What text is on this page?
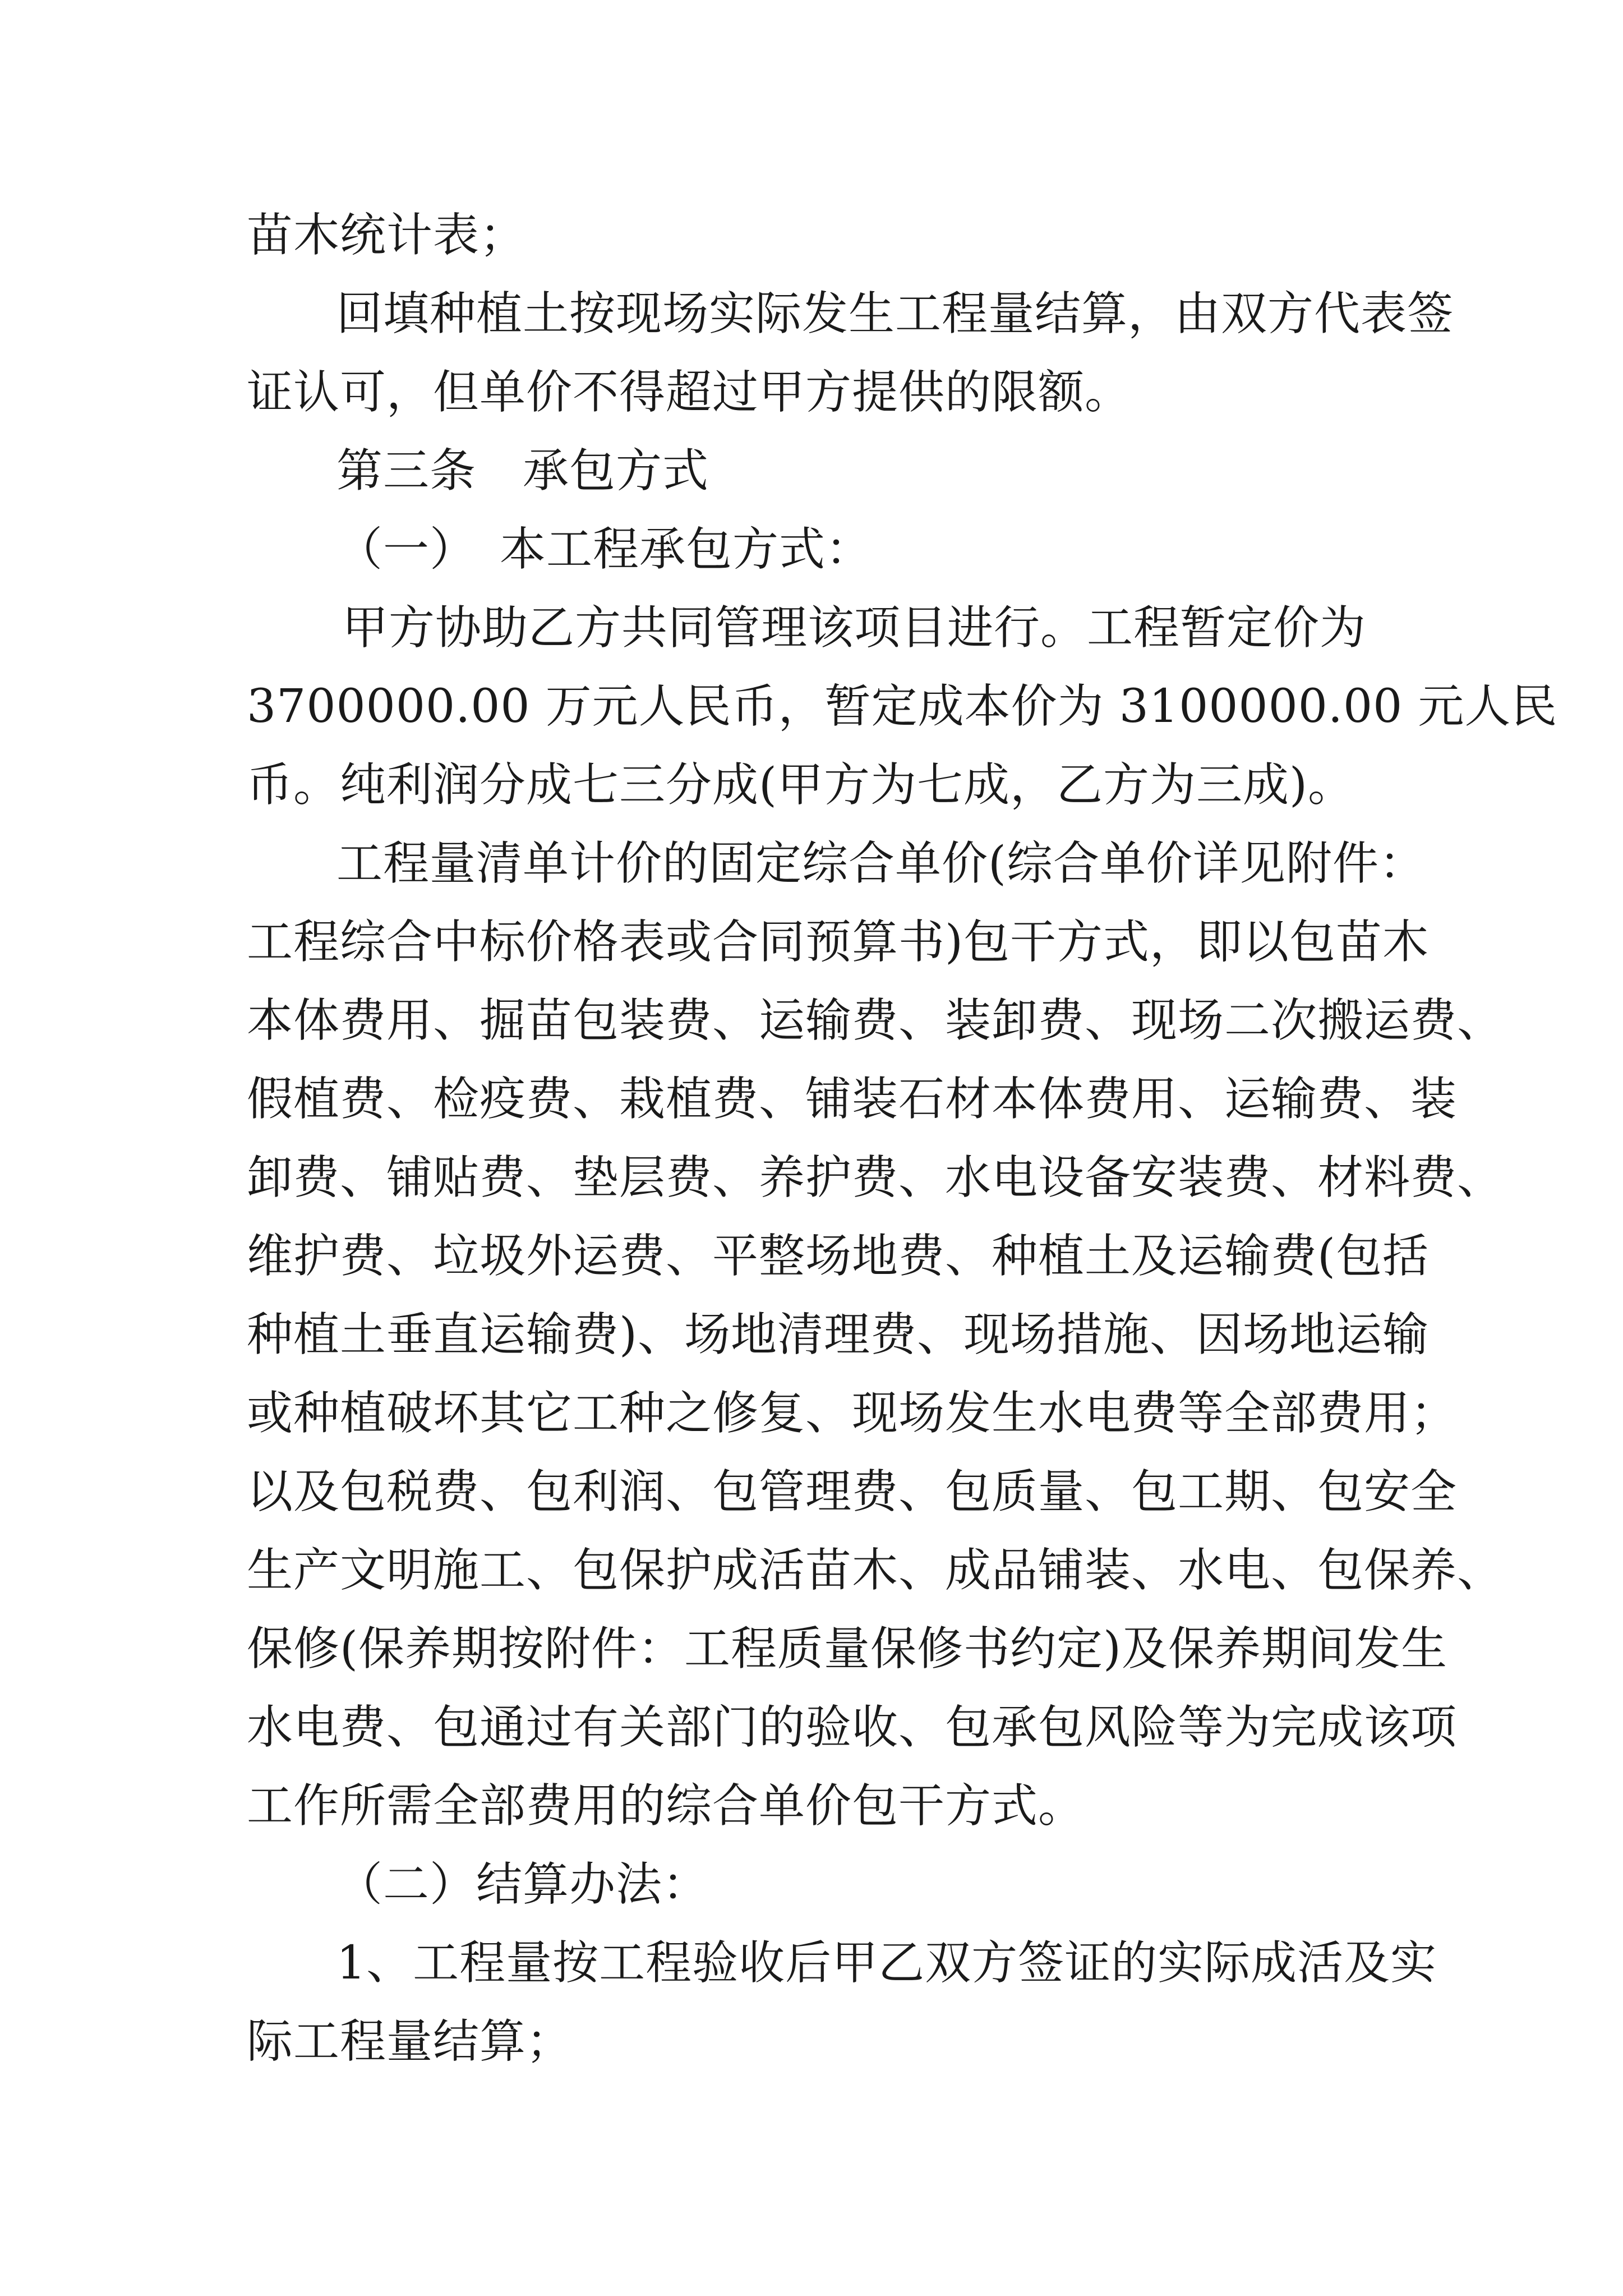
苗木统计表；
回填种植土按现场实际发生工程量结算，由双方代表签
证认可，但单价不得超过甲方提供的限额。
第三条　承包方式
（一）　本工程承包方式：
甲方协助乙方共同管理该项目进行。工程暂定价为
3700000.00 万元人民币，暂定成本价为 3100000.00 元人民
币。纯利润分成七三分成(甲方为七成，乙方为三成)。
工程量清单计价的固定综合单价(综合单价详见附件：
工程综合中标价格表或合同预算书)包干方式，即以包苗木
本体费用、掘苗包装费、运输费、装卸费、现场二次搬运费、
假植费、检疫费、栽植费、铺装石材本体费用、运输费、装
卸费、铺贴费、垫层费、养护费、水电设备安装费、材料费、
维护费、垃圾外运费、平整场地费、种植土及运输费(包括
种植土垂直运输费)、场地清理费、现场措施、因场地运输
或种植破坏其它工种之修复、现场发生水电费等全部费用；
以及包税费、包利润、包管理费、包质量、包工期、包安全
生产文明施工、包保护成活苗木、成品铺装、水电、包保养、
保修(保养期按附件：工程质量保修书约定)及保养期间发生
水电费、包通过有关部门的验收、包承包风险等为完成该项
工作所需全部费用的综合单价包干方式。
（二）结算办法：
1、工程量按工程验收后甲乙双方签证的实际成活及实
际工程量结算；
